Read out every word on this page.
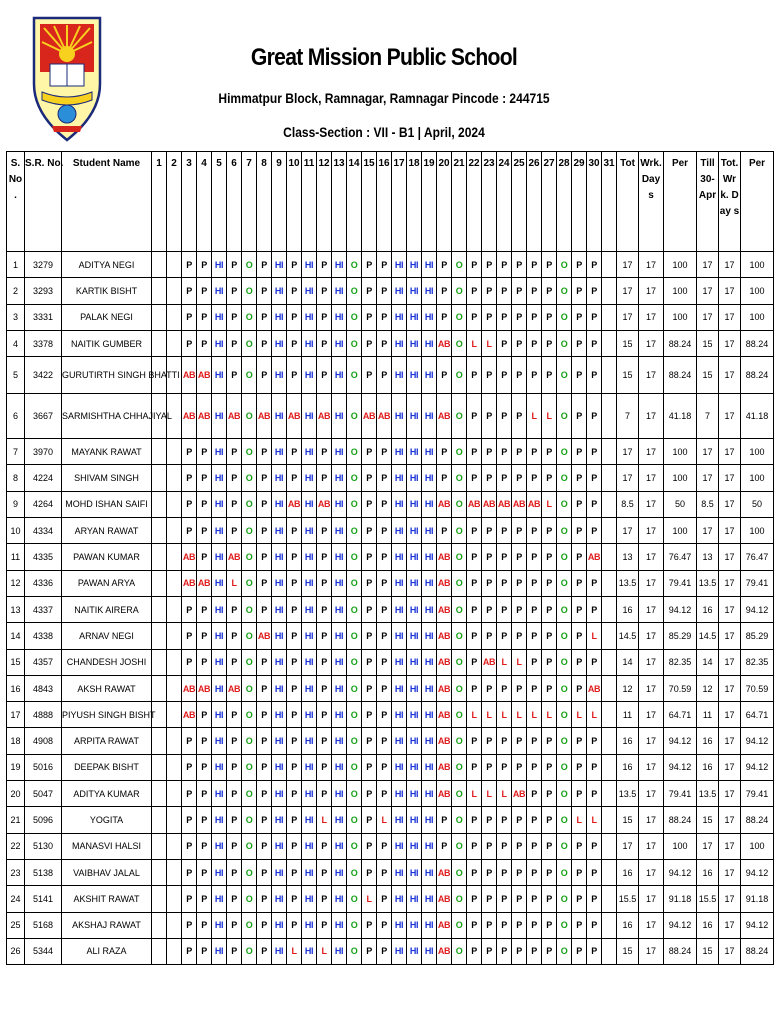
Great Mission Public School
Himmatpur Block, Ramnagar, Ramnagar Pincode : 244715
Class-Section : VII - B1 | April, 2024
S. No .	S.R. No.	Student Name	1	2	3	4	5	6	7	8	9	10	11	12	13	14	15	16	17	18	19	20	21	22	23	24	25	26	27	28	29	30	31	Tot	Wrk. Day s	Per	Till 30- Apr	Tot. Wrk. Day s	Per
1	3279	ADITYA NEGI			P	P	HI	P	O	P	HI	P	HI	P	HI	O	P	P	HI	HI	HI	P	O	P	P	P	P	P	P	O	P	P		17	17	100	17	17	100
2	3293	KARTIK BISHT			P	P	HI	P	O	P	HI	P	HI	P	HI	O	P	P	HI	HI	HI	P	O	P	P	P	P	P	P	O	P	P		17	17	100	17	17	100
3	3331	PALAK NEGI			P	P	HI	P	O	P	HI	P	HI	P	HI	O	P	P	HI	HI	HI	P	O	P	P	P	P	P	P	O	P	P		17	17	100	17	17	100
4	3378	NAITIK GUMBER			P	P	HI	P	O	P	HI	P	HI	P	HI	O	P	P	HI	HI	HI	AB	O	L	L	P	P	P	P	O	P	P		15	17	88.24	15	17	88.24
5	3422	GURUTIRTH SINGH BHATTI			AB	AB	HI	P	O	P	HI	P	HI	P	HI	O	P	P	HI	HI	HI	P	O	P	P	P	P	P	P	O	P	P		15	17	88.24	15	17	88.24
6	3667	SARMISHTHA CHHAJIYAL			AB	AB	HI	AB	O	AB	HI	AB	HI	AB	HI	O	AB	AB	HI	HI	HI	AB	O	P	P	P	P	L	L	O	P	P		7	17	41.18	7	17	41.18
7	3970	MAYANK RAWAT			P	P	HI	P	O	P	HI	P	HI	P	HI	O	P	P	HI	HI	HI	P	O	P	P	P	P	P	P	O	P	P		17	17	100	17	17	100
8	4224	SHIVAM SINGH			P	P	HI	P	O	P	HI	P	HI	P	HI	O	P	P	HI	HI	HI	P	O	P	P	P	P	P	P	O	P	P		17	17	100	17	17	100
9	4264	MOHD ISHAN SAIFI			P	P	HI	P	O	P	HI	AB	HI	AB	HI	O	P	P	HI	HI	HI	AB	O	AB	AB	AB	AB	AB	L	O	P	P		8.5	17	50	8.5	17	50
10	4334	ARYAN RAWAT			P	P	HI	P	O	P	HI	P	HI	P	HI	O	P	P	HI	HI	HI	P	O	P	P	P	P	P	P	O	P	P		17	17	100	17	17	100
11	4335	PAWAN KUMAR			AB	P	HI	AB	O	P	HI	P	HI	P	HI	O	P	P	HI	HI	HI	AB	O	P	P	P	P	P	P	O	P	AB		13	17	76.47	13	17	76.47
12	4336	PAWAN ARYA			AB	AB	HI	L	O	P	HI	P	HI	P	HI	O	P	P	HI	HI	HI	AB	O	P	P	P	P	P	P	O	P	P		13.5	17	79.41	13.5	17	79.41
13	4337	NAITIK AIRERA			P	P	HI	P	O	P	HI	P	HI	P	HI	O	P	P	HI	HI	HI	AB	O	P	P	P	P	P	P	O	P	P		16	17	94.12	16	17	94.12
14	4338	ARNAV NEGI			P	P	HI	P	O	AB	HI	P	HI	P	HI	O	P	P	HI	HI	HI	AB	O	P	P	P	P	P	P	O	P	L		14.5	17	85.29	14.5	17	85.29
15	4357	CHANDESH JOSHI			P	P	HI	P	O	P	HI	P	HI	P	HI	O	P	P	HI	HI	HI	AB	O	P	AB	L	L	P	P	O	P	P		14	17	82.35	14	17	82.35
16	4843	AKSH RAWAT			AB	AB	HI	AB	O	P	HI	P	HI	P	HI	O	P	P	HI	HI	HI	AB	O	P	P	P	P	P	P	O	P	AB		12	17	70.59	12	17	70.59
17	4888	PIYUSH SINGH BISHT			AB	P	HI	P	O	P	HI	P	HI	P	HI	O	P	P	HI	HI	HI	AB	O	L	L	L	L	L	L	O	L	L		11	17	64.71	11	17	64.71
18	4908	ARPITA RAWAT			P	P	HI	P	O	P	HI	P	HI	P	HI	O	P	P	HI	HI	HI	AB	O	P	P	P	P	P	P	O	P	P		16	17	94.12	16	17	94.12
19	5016	DEEPAK BISHT			P	P	HI	P	O	P	HI	P	HI	P	HI	O	P	P	HI	HI	HI	AB	O	P	P	P	P	P	P	O	P	P		16	17	94.12	16	17	94.12
20	5047	ADITYA KUMAR			P	P	HI	P	O	P	HI	P	HI	P	HI	O	P	P	HI	HI	HI	AB	O	L	L	L	AB	P	P	O	P	P		13.5	17	79.41	13.5	17	79.41
21	5096	YOGITA			P	P	HI	P	O	P	HI	P	HI	L	HI	O	P	L	HI	HI	HI	P	O	P	P	P	P	P	P	O	L	L		15	17	88.24	15	17	88.24
22	5130	MANASVI HALSI			P	P	HI	P	O	P	HI	P	HI	P	HI	O	P	P	HI	HI	HI	P	O	P	P	P	P	P	P	O	P	P		17	17	100	17	17	100
23	5138	VAIBHAV JALAL			P	P	HI	P	O	P	HI	P	HI	P	HI	O	P	P	HI	HI	HI	AB	O	P	P	P	P	P	P	O	P	P		16	17	94.12	16	17	94.12
24	5141	AKSHIT RAWAT			P	P	HI	P	O	P	HI	P	HI	P	HI	O	L	P	HI	HI	HI	AB	O	P	P	P	P	P	P	O	P	P		15.5	17	91.18	15.5	17	91.18
25	5168	AKSHAJ RAWAT			P	P	HI	P	O	P	HI	P	HI	P	HI	O	P	P	HI	HI	HI	AB	O	P	P	P	P	P	P	O	P	P		16	17	94.12	16	17	94.12
26	5344	ALI RAZA			P	P	HI	P	O	P	HI	L	HI	L	HI	O	P	P	HI	HI	HI	AB	O	P	P	P	P	P	P	O	P	P		15	17	88.24	15	17	88.24
